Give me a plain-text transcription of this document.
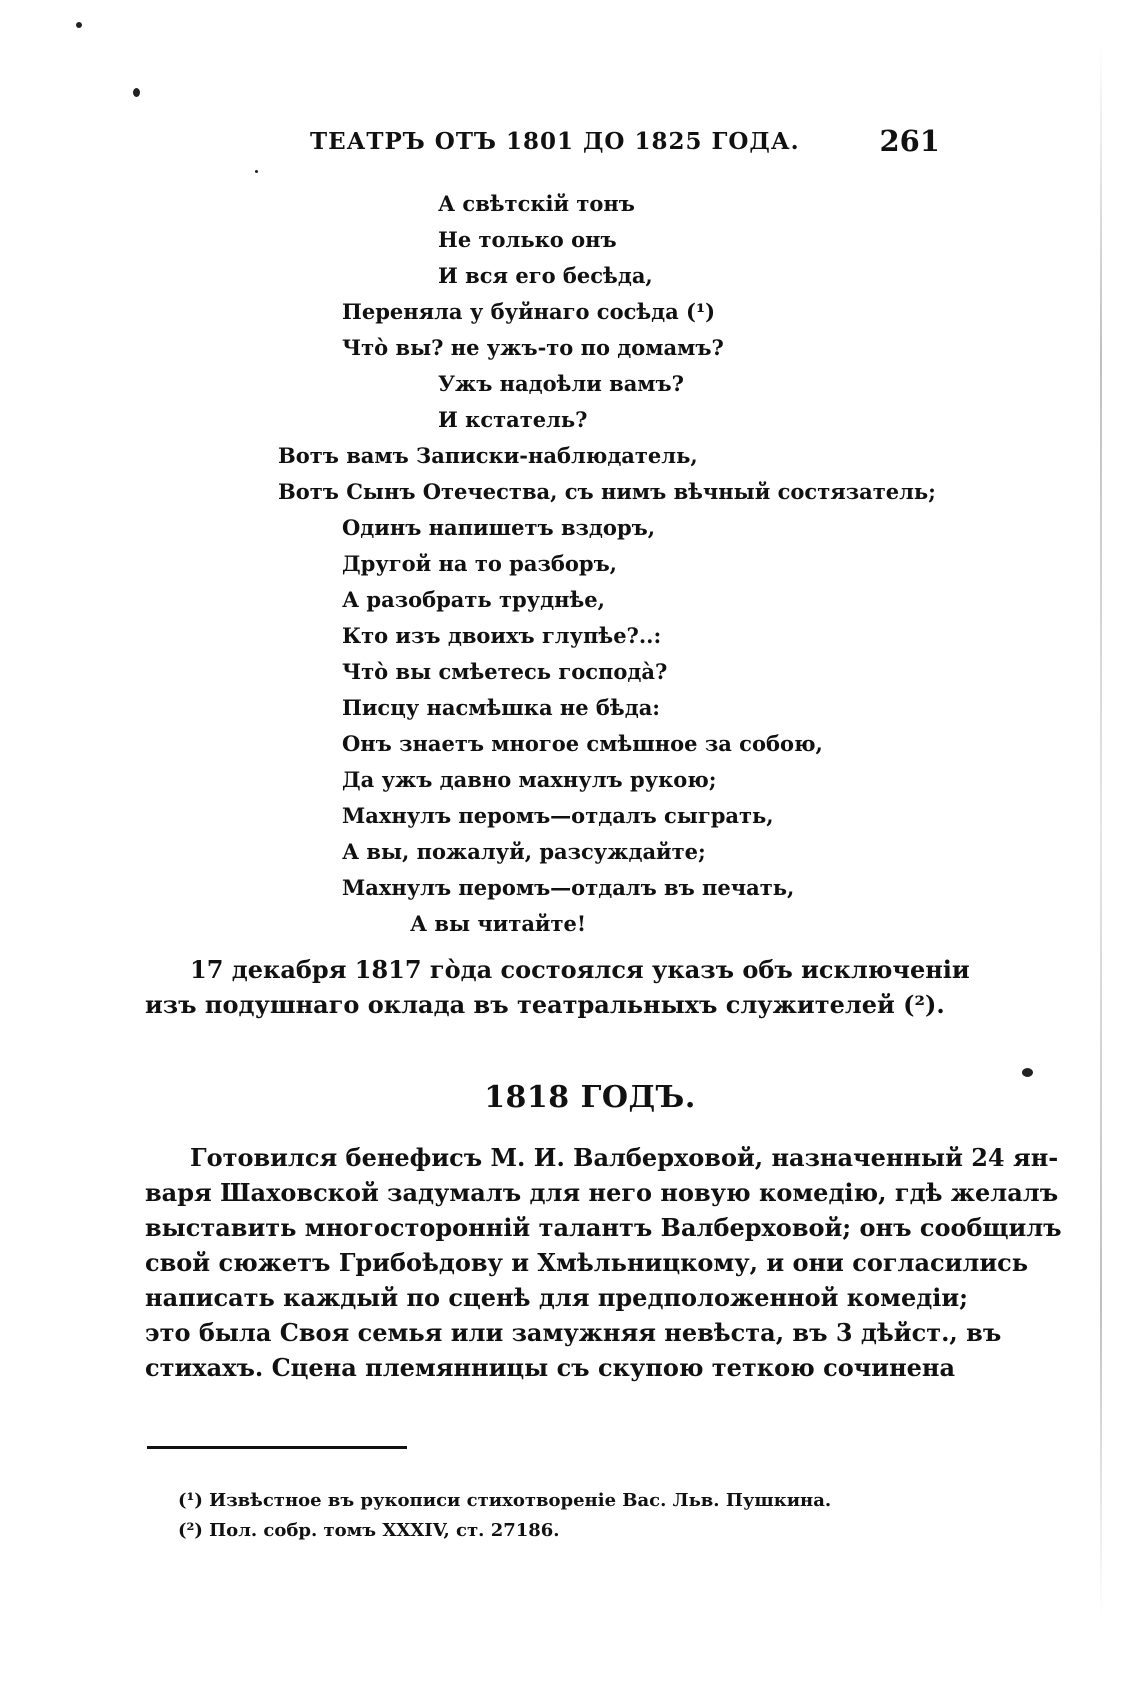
ТЕАТРЪ ОТЪ 1801 ДО 1825 ГОДА.	261
А свѣтскій тонъ
Не только онъ
И вся его бесѣда,
Переняла у буйнаго сосѣда (¹)
Что̀ вы? не ужъ-то по домамъ?
Ужъ надоѣли вамъ?
И кстатель?
Вотъ вамъ Записки-наблюдатель,
Вотъ Сынъ Отечества, съ нимъ вѣчный состязатель;
Одинъ напишетъ вздоръ,
Другой на то разборъ,
А разобрать труднѣе,
Кто изъ двоихъ глупѣе?..:
Что̀ вы смѣетесь господа̀?
Писцу насмѣшка не бѣда:
Онъ знаетъ многое смѣшное за собою,
Да ужъ давно махнулъ рукою;
Махнулъ перомъ—отдалъ сыграть,
А вы, пожалуй, разсуждайте;
Махнулъ перомъ—отдалъ въ печать,
А вы читайте!
17 декабря 1817 го̀да состоялся указъ объ исключеніи
изъ подушнаго оклада въ театральныхъ служителей (²).
1818 ГОДЪ.
Готовился бенефисъ М. И. Валберховой, назначенный 24 ян-
варя Шаховской задумалъ для него новую комедію, гдѣ желалъ
выставить многосторонній талантъ Валберховой; онъ сообщилъ
свой сюжетъ Грибоѣдову и Хмѣльницкому, и они согласились
написать каждый по сценѣ для предположенной комедіи;
это была Своя семья или замужняя невѣста, въ 3 дѣйст., въ
стихахъ. Сцена племянницы съ скупою теткою сочинена
(¹) Извѣстное въ рукописи стихотвореніе Вас. Льв. Пушкина.
(²) Пол. собр. томъ XXXIV, ст. 27186.
